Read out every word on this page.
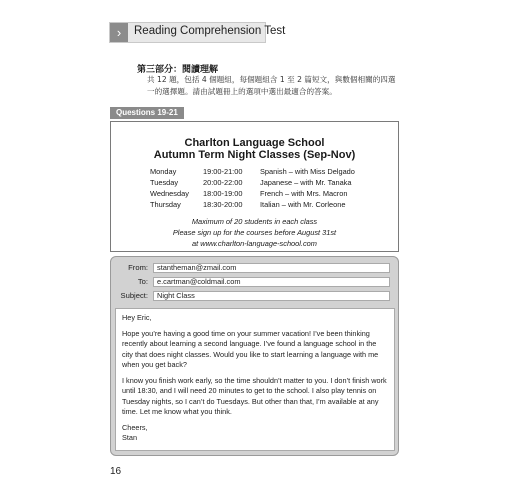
›	Reading Comprehension Test
第三部分：閱讀理解
共 12 題，包括 4 個題組，每個題組含 1 至 2 篇短文，與數個相關的四選一的選擇題。請由試題冊上的選項中選出最適合的答案。
Questions 19-21
Charlton Language School
Autumn Term Night Classes (Sep-Nov)
Monday	19:00-21:00 Spanish – with Miss Delgado
Tuesday	20:00-22:00 Japanese – with Mr. Tanaka
Wednesday 18:00-19:00 French – with Mrs. Macron
Thursday	18:30-20:00 Italian – with Mr. Corleone
Maximum of 20 students in each class
Please sign up for the courses before August 31st
at www.charlton-language-school.com
From:	stantheman@zmail.com
To:	e.cartman@coldmail.com
Subject:	Night Class

Hey Eric,

Hope you’re having a good time on your summer vacation! I’ve been thinking recently about learning a second language. I’ve found a language school in the city that does night classes. Would you like to start learning a language with me when you get back?

I know you finish work early, so the time shouldn’t matter to you. I don’t finish work until 18:30, and I will need 20 minutes to get to the school. I also play tennis on Tuesday nights, so I can’t do Tuesdays. But other than that, I’m available at any time. Let me know what you think.

Cheers,

Stan

16
